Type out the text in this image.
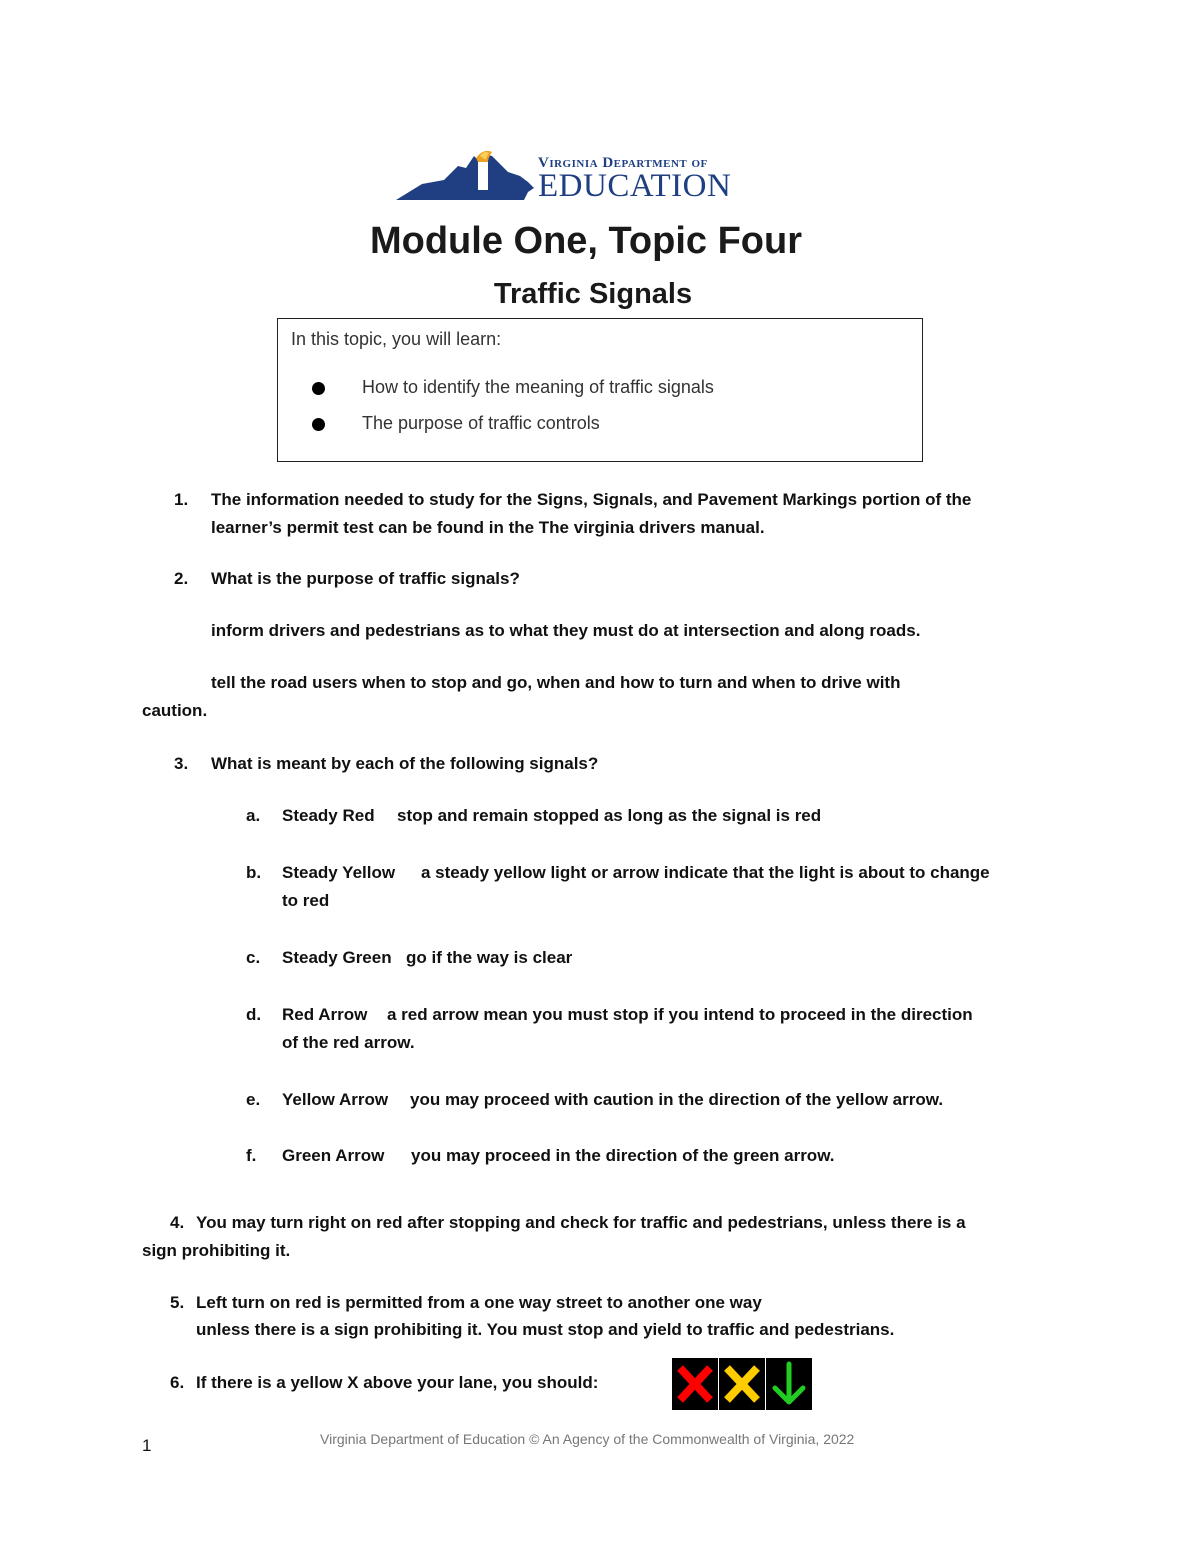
Virginia Department of
EDUCATION
Module One, Topic Four
Traffic Signals
In this topic, you will learn:
How to identify the meaning of traffic signals
The purpose of traffic controls
1. The information needed to study for the Signs, Signals, and Pavement Markings portion of the
learner’s permit test can be found in the The virginia drivers manual.
2. What is the purpose of traffic signals?
inform drivers and pedestrians as to what they must do at intersection and along roads.
tell the road users when to stop and go, when and how to turn and when to drive with
caution.
3. What is meant by each of the following signals?
a. Steady Red stop and remain stopped as long as the signal is red
b. Steady Yellow a steady yellow light or arrow indicate that the light is about to change
to red
c. Steady Green go if the way is clear
d. Red Arrow a red arrow mean you must stop if you intend to proceed in the direction
of the red arrow.
e. Yellow Arrow you may proceed with caution in the direction of the yellow arrow.
f. Green Arrow you may proceed in the direction of the green arrow.
4. You may turn right on red after stopping and check for traffic and pedestrians, unless there is a
sign prohibiting it.
5. Left turn on red is permitted from a one way street to another one way
unless there is a sign prohibiting it. You must stop and yield to traffic and pedestrians.
6. If there is a yellow X above your lane, you should:
1	Virginia Department of Education © An Agency of the Commonwealth of Virginia, 2022
